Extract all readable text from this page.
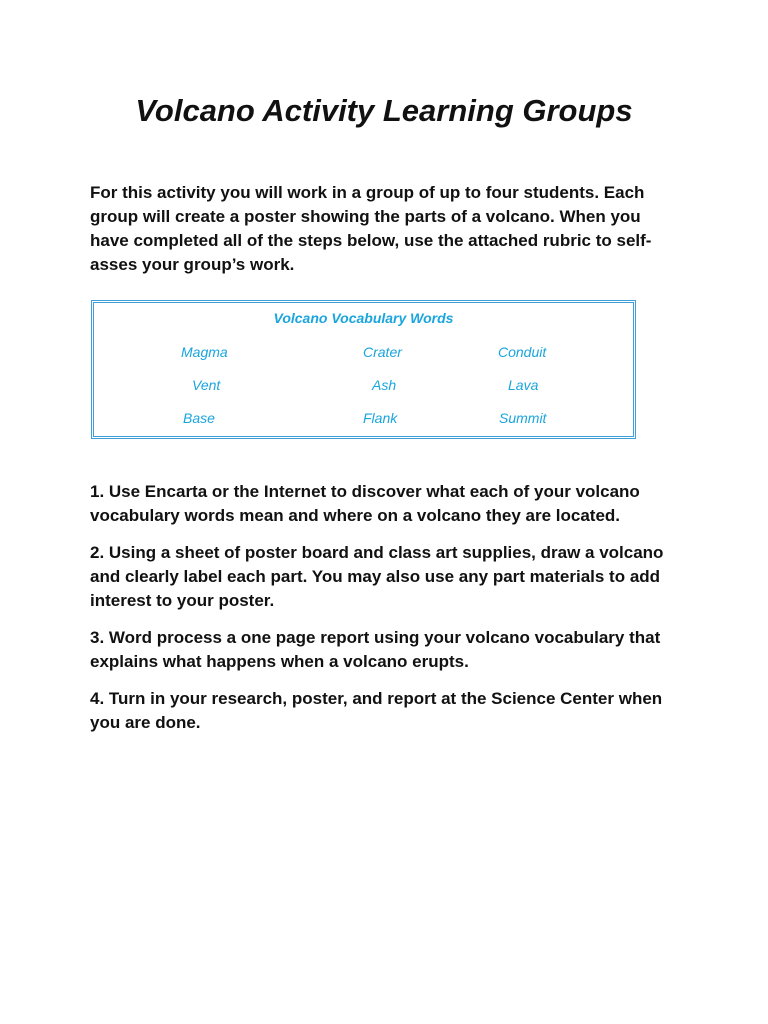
Volcano Activity Learning Groups

For this activity you will work in a group of up to four students. Each group will create a poster showing the parts of a volcano. When you have completed all of the steps below, use the attached rubric to self-asses your group’s work.

Volcano Vocabulary Words
Magma	Crater	Conduit
Vent	Ash	Lava
Base	Flank	Summit

1. Use Encarta or the Internet to discover what each of your volcano vocabulary words mean and where on a volcano they are located.

2. Using a sheet of poster board and class art supplies, draw a volcano and clearly label each part. You may also use any part materials to add interest to your poster.

3. Word process a one page report using your volcano vocabulary that explains what happens when a volcano erupts.

4. Turn in your research, poster, and report at the Science Center when you are done.
